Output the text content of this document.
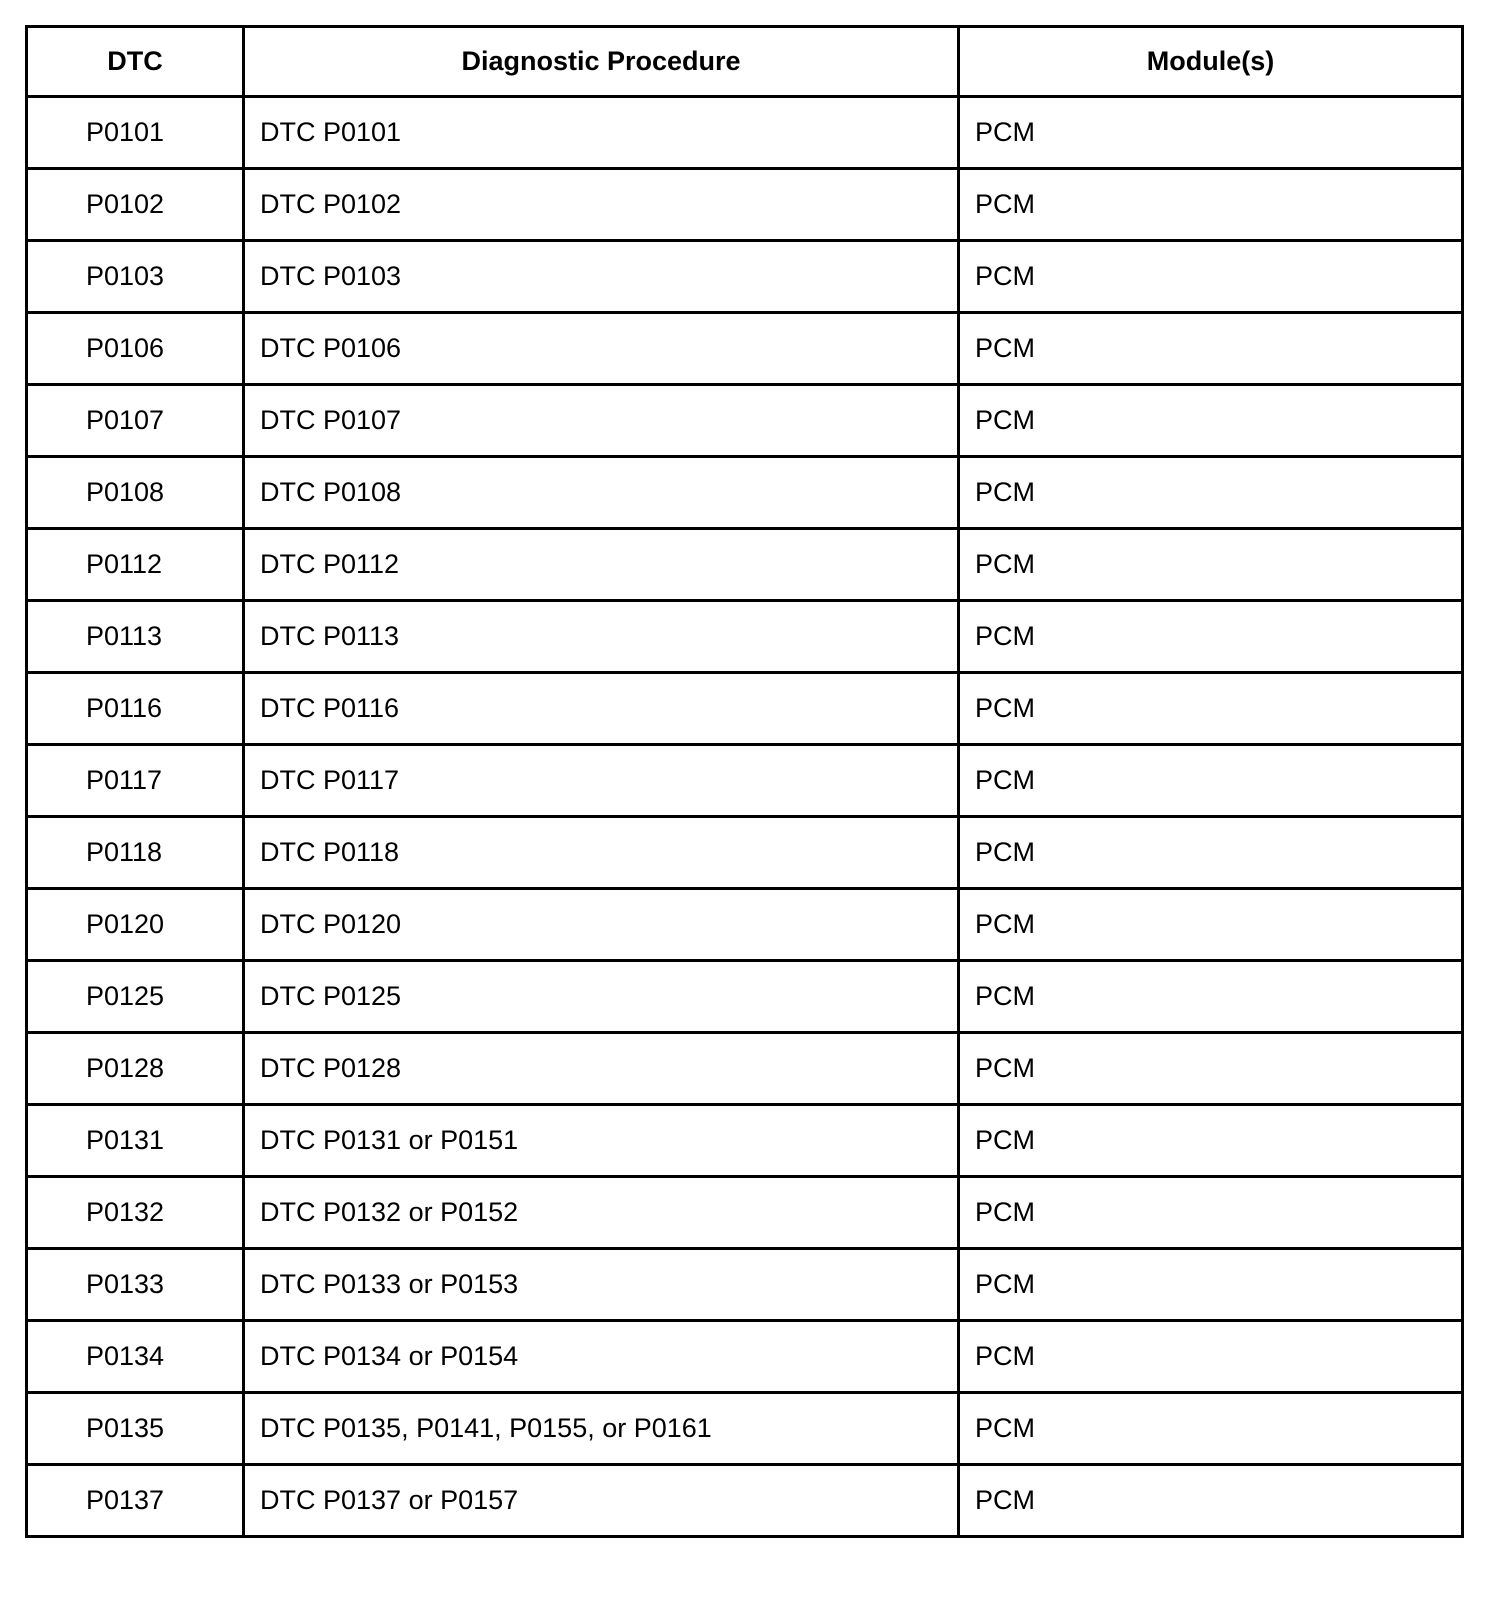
DTC	Diagnostic Procedure	Module(s)
P0101	DTC P0101	PCM
P0102	DTC P0102	PCM
P0103	DTC P0103	PCM
P0106	DTC P0106	PCM
P0107	DTC P0107	PCM
P0108	DTC P0108	PCM
P0112	DTC P0112	PCM
P0113	DTC P0113	PCM
P0116	DTC P0116	PCM
P0117	DTC P0117	PCM
P0118	DTC P0118	PCM
P0120	DTC P0120	PCM
P0125	DTC P0125	PCM
P0128	DTC P0128	PCM
P0131	DTC P0131 or P0151	PCM
P0132	DTC P0132 or P0152	PCM
P0133	DTC P0133 or P0153	PCM
P0134	DTC P0134 or P0154	PCM
P0135	DTC P0135, P0141, P0155, or P0161	PCM
P0137	DTC P0137 or P0157	PCM
